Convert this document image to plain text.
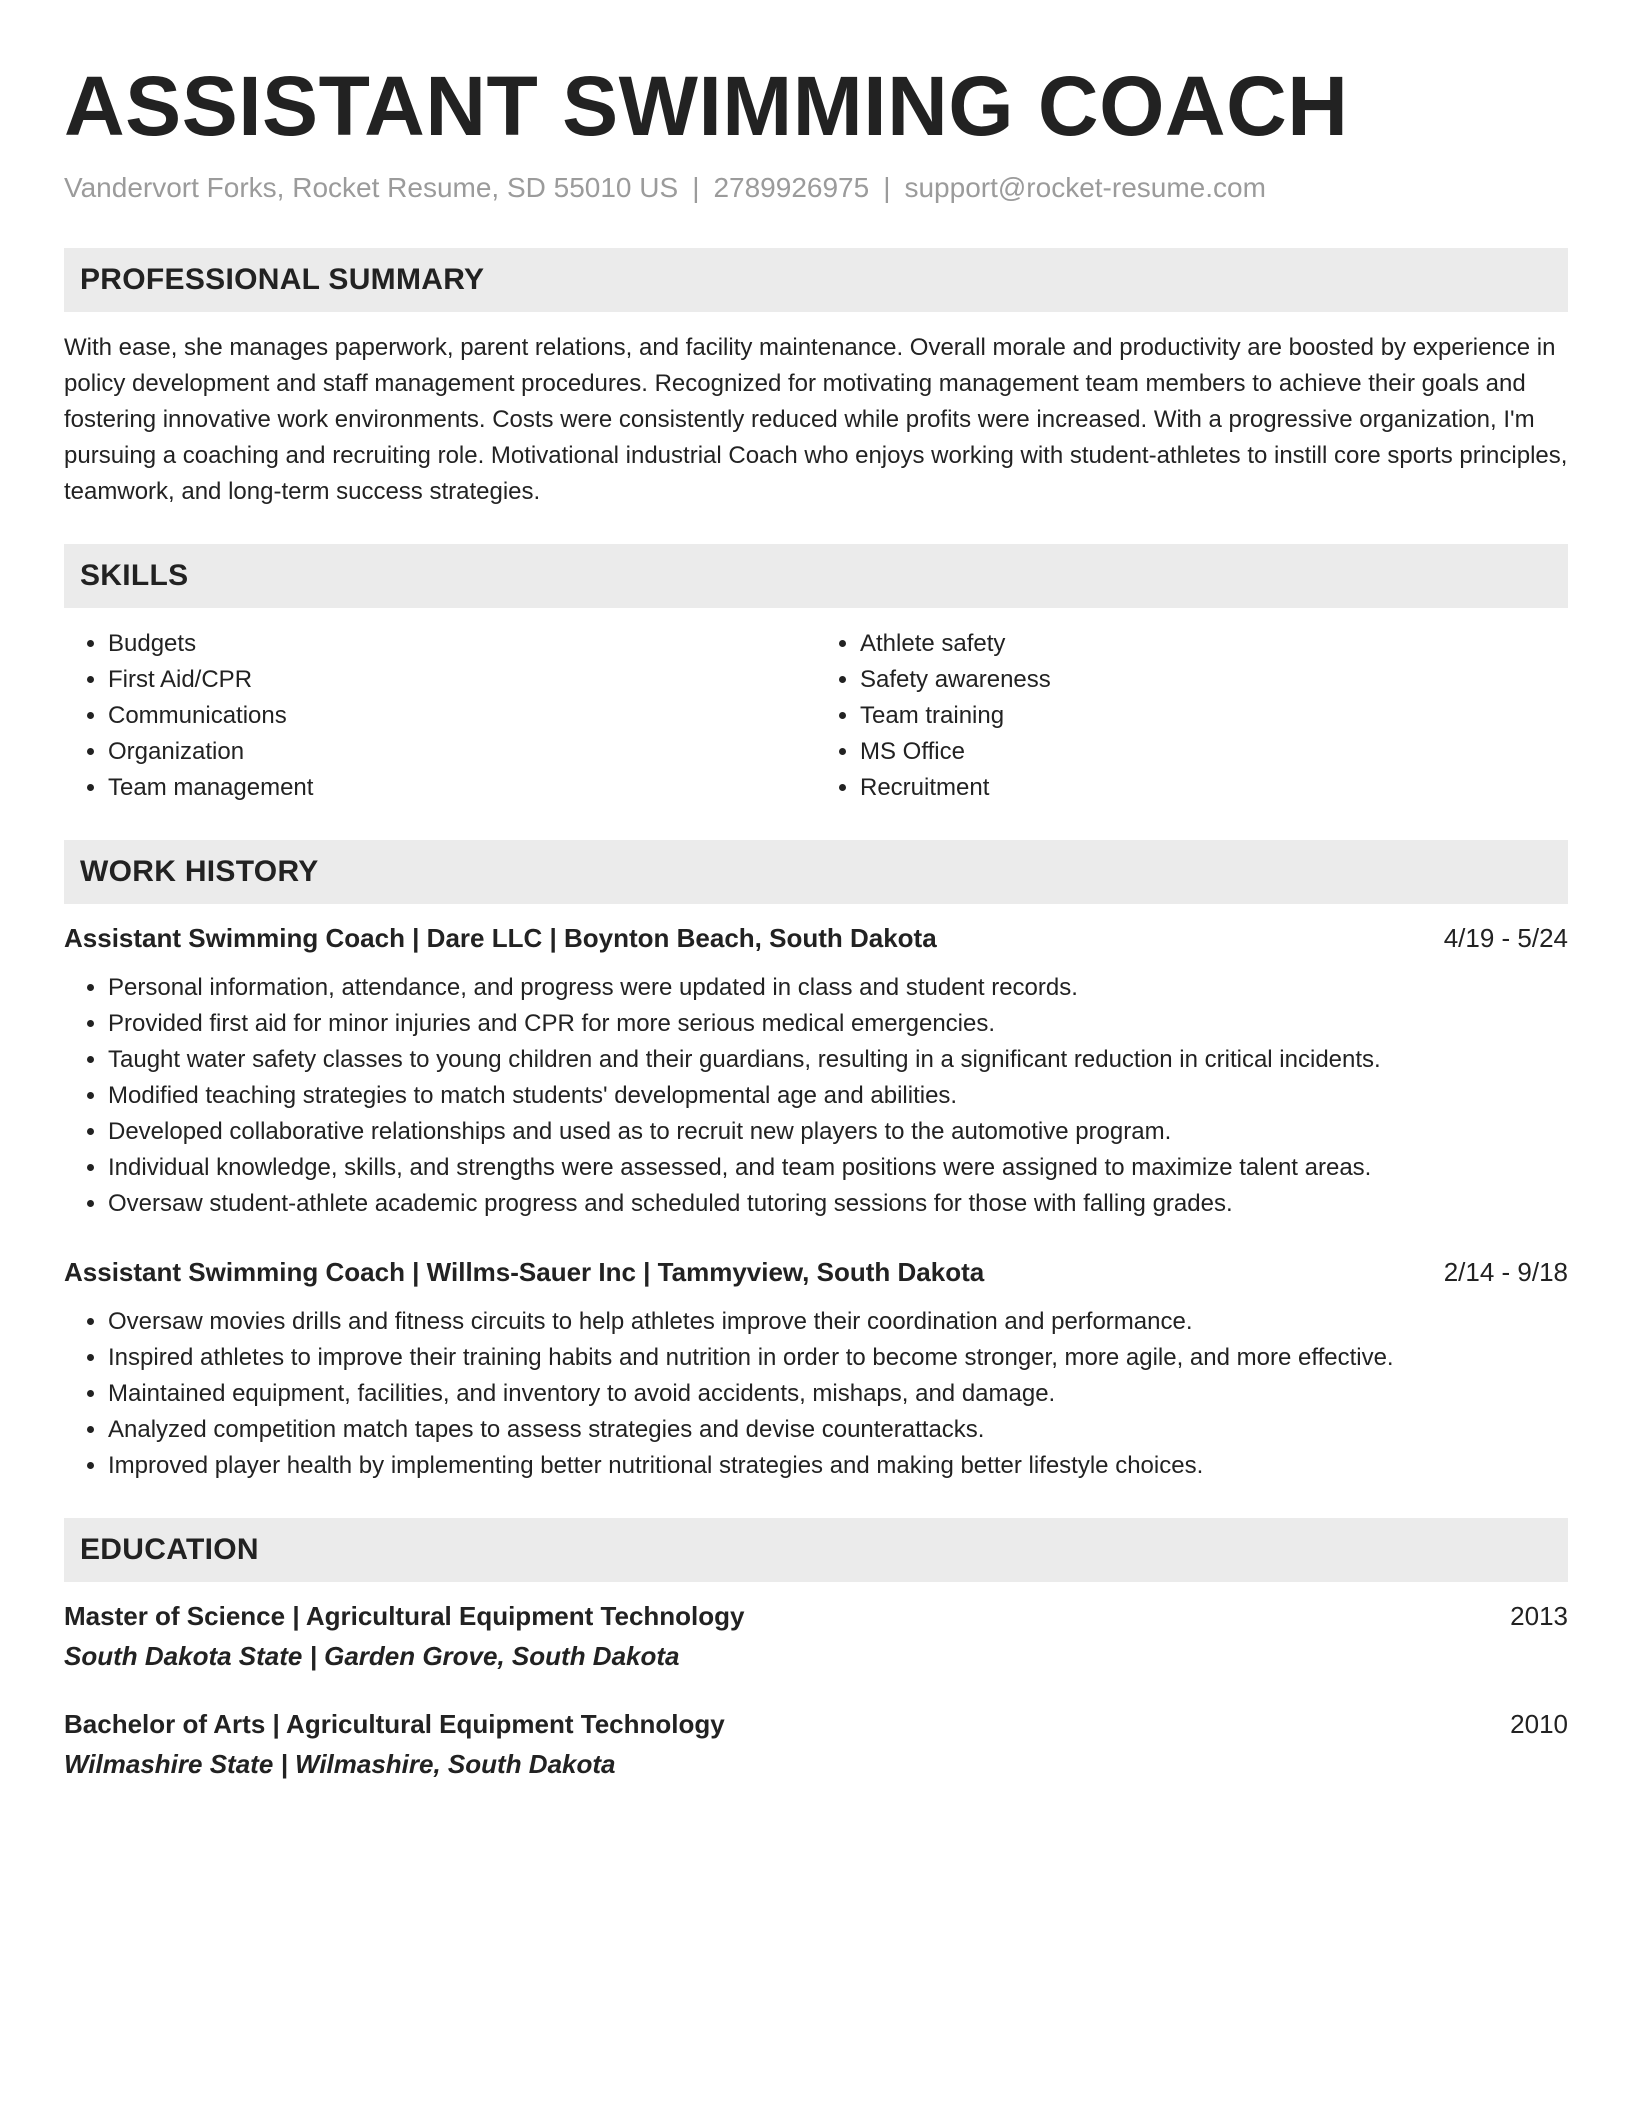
ASSISTANT SWIMMING COACH
Vandervort Forks, Rocket Resume, SD 55010 US | 2789926975 | support@rocket-resume.com
PROFESSIONAL SUMMARY
With ease, she manages paperwork, parent relations, and facility maintenance. Overall morale and productivity are boosted by experience in policy development and staff management procedures. Recognized for motivating management team members to achieve their goals and fostering innovative work environments. Costs were consistently reduced while profits were increased. With a progressive organization, I'm pursuing a coaching and recruiting role. Motivational industrial Coach who enjoys working with student-athletes to instill core sports principles, teamwork, and long-term success strategies.
SKILLS
• Budgets
• First Aid/CPR
• Communications
• Organization
• Team management
• Athlete safety
• Safety awareness
• Team training
• MS Office
• Recruitment
WORK HISTORY
Assistant Swimming Coach | Dare LLC | Boynton Beach, South Dakota	4/19 - 5/24
• Personal information, attendance, and progress were updated in class and student records.
• Provided first aid for minor injuries and CPR for more serious medical emergencies.
• Taught water safety classes to young children and their guardians, resulting in a significant reduction in critical incidents.
• Modified teaching strategies to match students' developmental age and abilities.
• Developed collaborative relationships and used as to recruit new players to the automotive program.
• Individual knowledge, skills, and strengths were assessed, and team positions were assigned to maximize talent areas.
• Oversaw student-athlete academic progress and scheduled tutoring sessions for those with falling grades.
Assistant Swimming Coach | Willms-Sauer Inc | Tammyview, South Dakota	2/14 - 9/18
• Oversaw movies drills and fitness circuits to help athletes improve their coordination and performance.
• Inspired athletes to improve their training habits and nutrition in order to become stronger, more agile, and more effective.
• Maintained equipment, facilities, and inventory to avoid accidents, mishaps, and damage.
• Analyzed competition match tapes to assess strategies and devise counterattacks.
• Improved player health by implementing better nutritional strategies and making better lifestyle choices.
EDUCATION
Master of Science | Agricultural Equipment Technology	2013
South Dakota State | Garden Grove, South Dakota
Bachelor of Arts | Agricultural Equipment Technology	2010
Wilmashire State | Wilmashire, South Dakota
